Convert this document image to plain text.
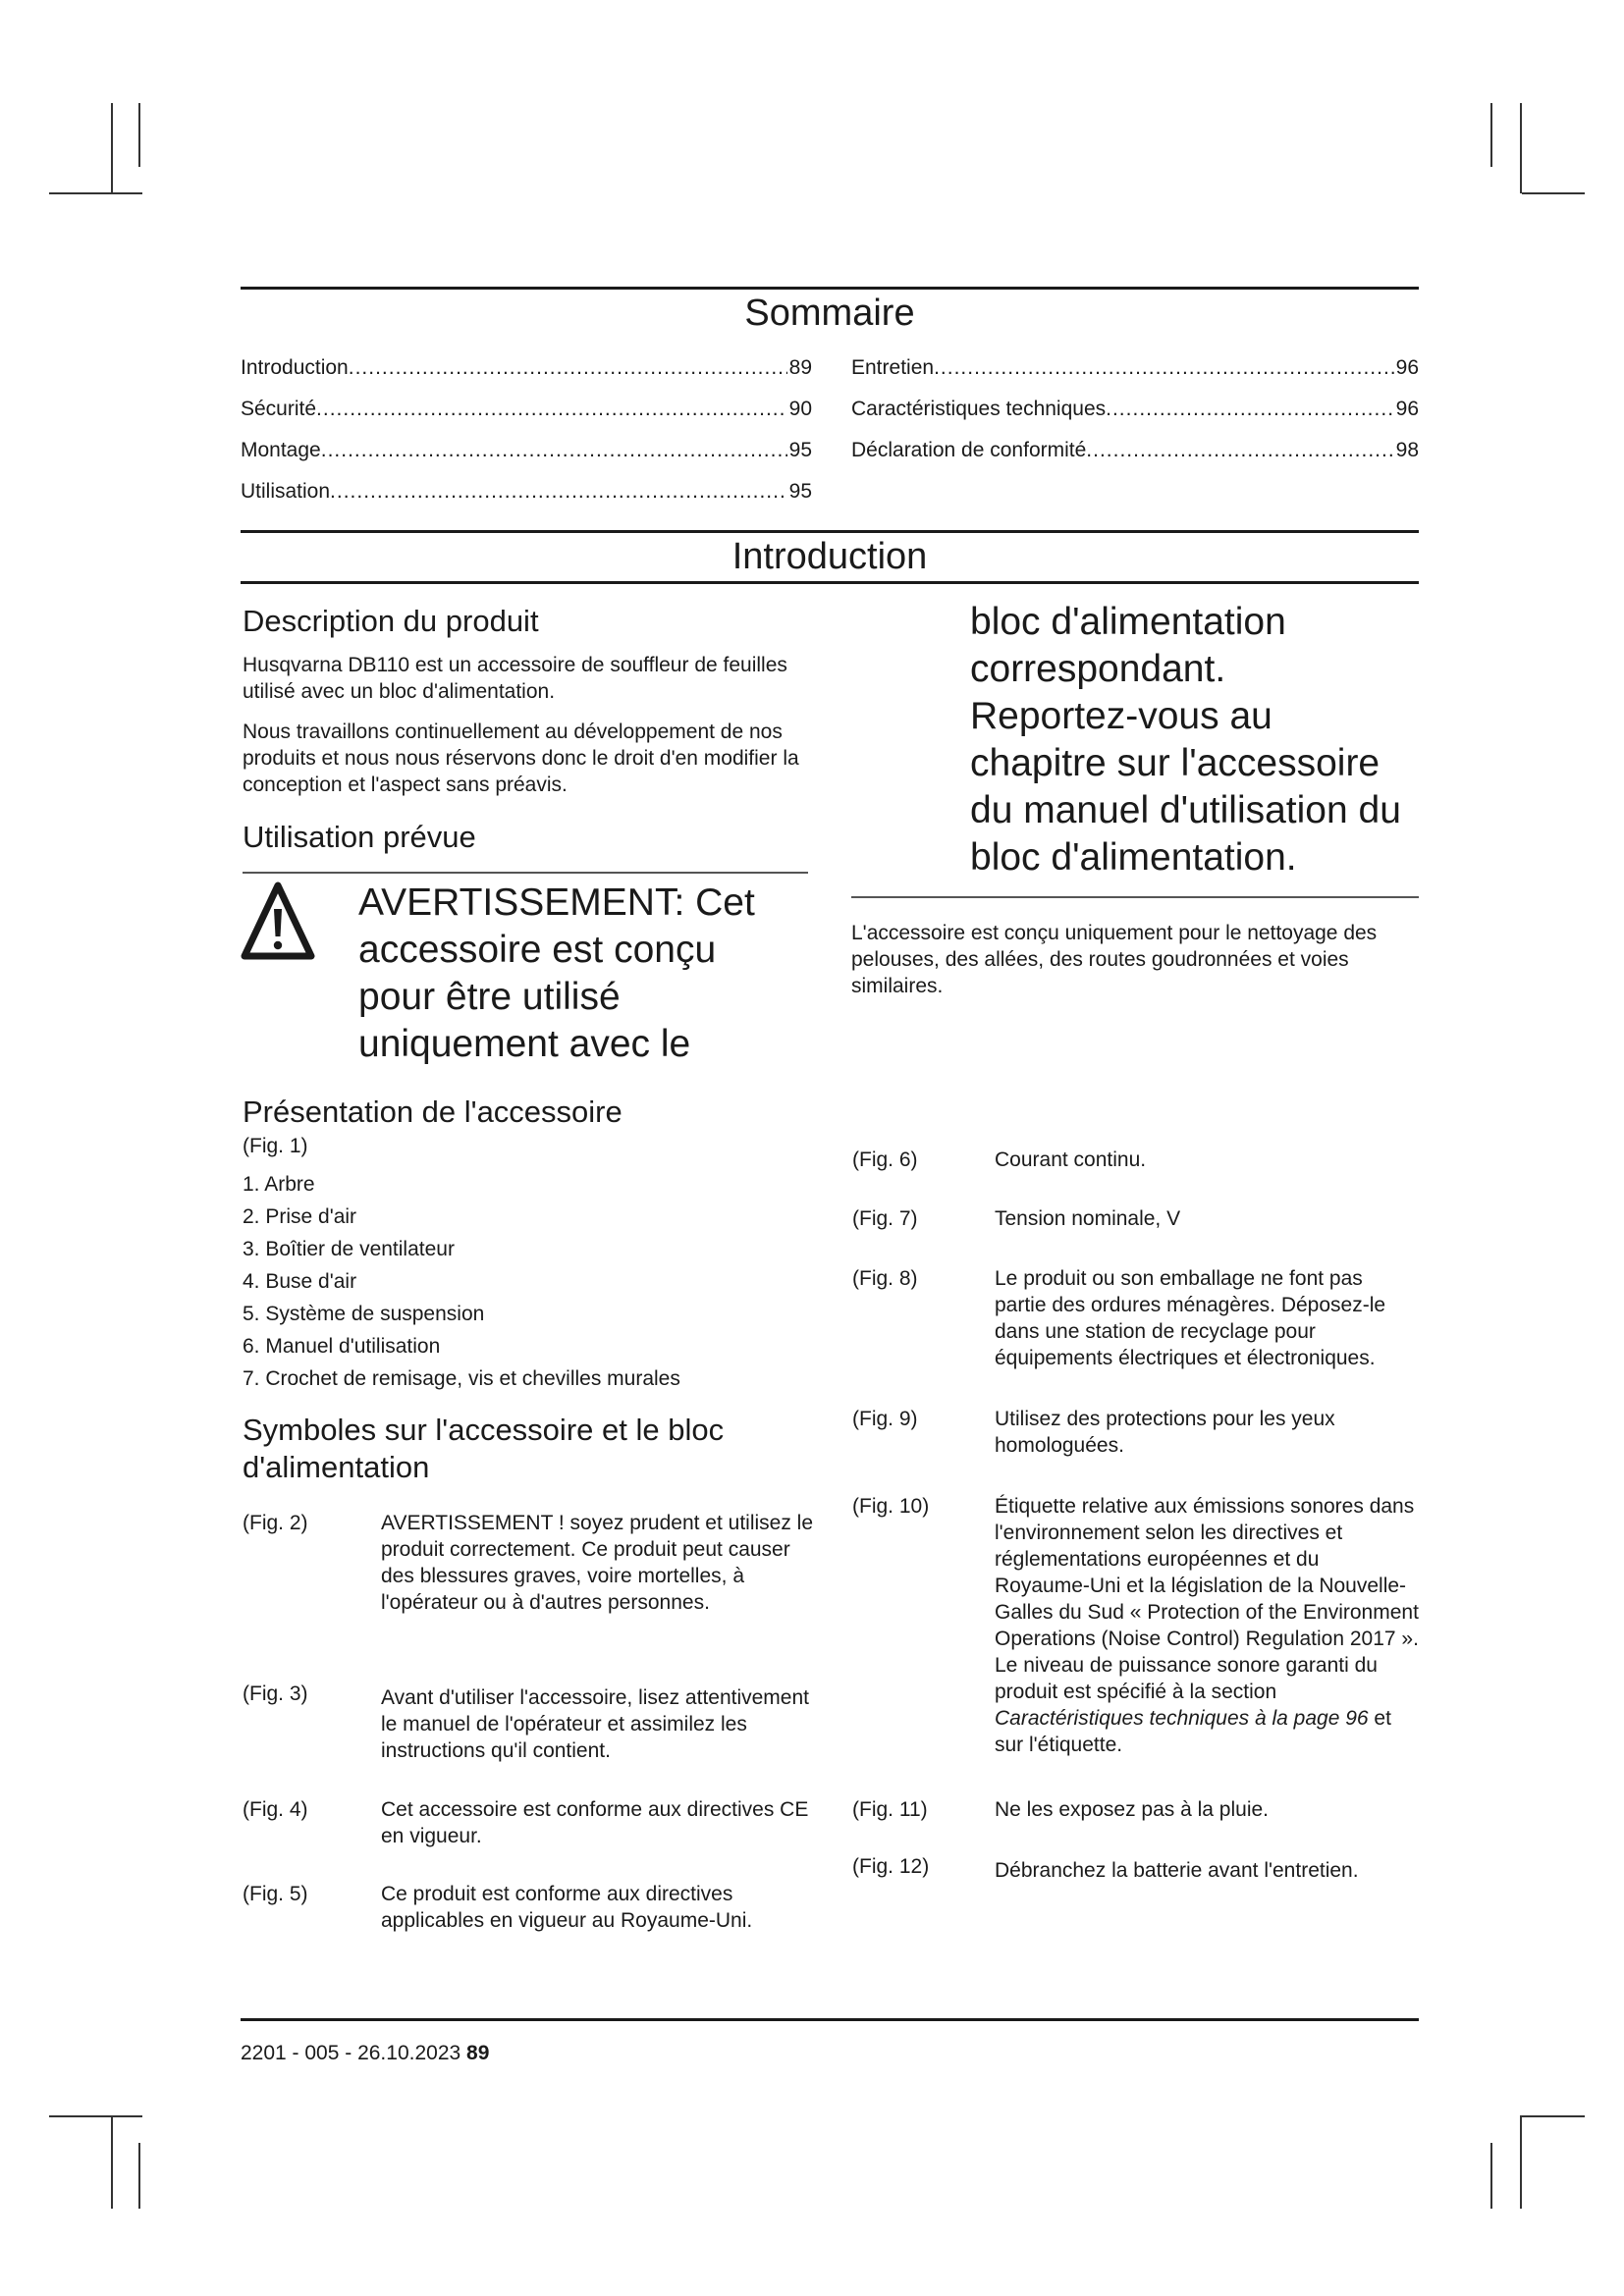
Sommaire
Introduction .....	89
Sécurité .....	90
Montage .....	95
Utilisation .....	95
Entretien .....	96
Caractéristiques techniques .....	96
Déclaration de conformité .....	98
Introduction
Description du produit
Husqvarna DB110 est un accessoire de souffleur de feuilles utilisé avec un bloc d'alimentation.
Nous travaillons continuellement au développement de nos produits et nous nous réservons donc le droit d'en modifier la conception et l'aspect sans préavis.
Utilisation prévue
AVERTISSEMENT: Cet
accessoire est conçu
pour être utilisé
uniquement avec le
bloc d'alimentation
correspondant.
Reportez-vous au
chapitre sur l'accessoire
du manuel d'utilisation du
bloc d'alimentation.
L'accessoire est conçu uniquement pour le nettoyage des pelouses, des allées, des routes goudronnées et voies similaires.
Présentation de l'accessoire
(Fig. 1)
1. Arbre
2. Prise d'air
3. Boîtier de ventilateur
4. Buse d'air
5. Système de suspension
6. Manuel d'utilisation
7. Crochet de remisage, vis et chevilles murales
Symboles sur l'accessoire et le bloc d'alimentation
(Fig. 2)	AVERTISSEMENT ! soyez prudent et utilisez le produit correctement. Ce produit peut causer des blessures graves, voire mortelles, à l'opérateur ou à d'autres personnes.
(Fig. 3)	Avant d'utiliser l'accessoire, lisez attentivement le manuel de l'opérateur et assimilez les instructions qu'il contient.
(Fig. 4)	Cet accessoire est conforme aux directives CE en vigueur.
(Fig. 5)	Ce produit est conforme aux directives applicables en vigueur au Royaume-Uni.
(Fig. 6)	Courant continu.
(Fig. 7)	Tension nominale, V
(Fig. 8)	Le produit ou son emballage ne font pas partie des ordures ménagères. Déposez-le dans une station de recyclage pour équipements électriques et électroniques.
(Fig. 9)	Utilisez des protections pour les yeux homologuées.
(Fig. 10)	Étiquette relative aux émissions sonores dans l'environnement selon les directives et réglementations européennes et du Royaume-Uni et la législation de la Nouvelle-Galles du Sud « Protection of the Environment Operations (Noise Control) Regulation 2017 ». Le niveau de puissance sonore garanti du produit est spécifié à la section Caractéristiques techniques à la page 96 et sur l'étiquette.
(Fig. 11)	Ne les exposez pas à la pluie.
(Fig. 12)	Débranchez la batterie avant l'entretien.
2201 - 005 - 26.10.2023 89
